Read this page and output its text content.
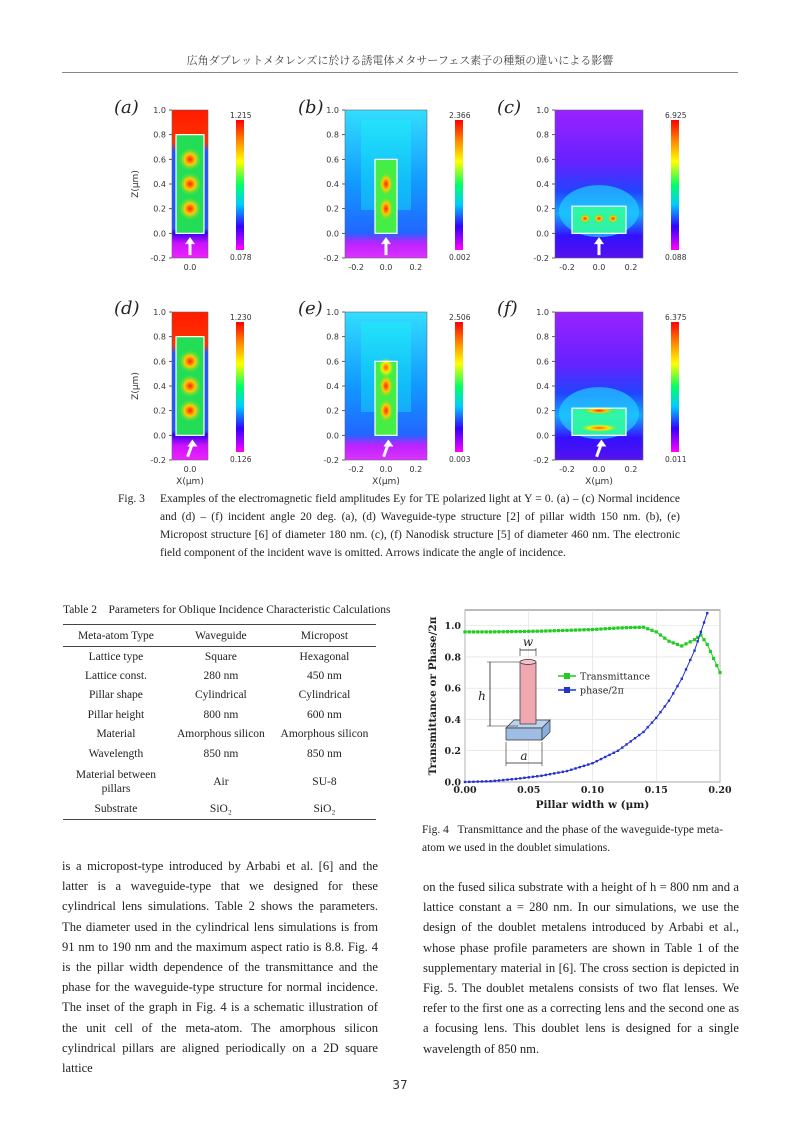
広角ダブレットメタレンズに於ける誘電体メタサーフェス素子の種類の違いによる影響
1.0
0.8
0.6
0.4
0.2
0.0
-0.2
0.0
1.215
0.078
1.0
0.8
0.6
0.4
0.2
0.0
-0.2
-0.2 0.0 0.2
2.366
0.002
1.0
0.8
0.6
0.4
0.2
0.0
-0.2
-0.2 0.0 0.2
6.925
0.088
Z(μm)
1.0
0.8
0.6
0.4
0.2
0.0
-0.2
0.0
X(μm)
1.230
0.126
1.0
0.8
0.6
0.4
0.2
0.0
-0.2
-0.2 0.0 0.2
X(μm)
2.506
0.003
1.0
0.8
0.6
0.4
0.2
0.0
-0.2
-0.2 0.0 0.2
X(μm)
6.375
0.011
Z(μm)
(a)	(b)	(c)
(d)	(e)	(f)
Fig. 3 Examples of the electromagnetic field amplitudes Ey for TE polarized light at Y = 0. (a) – (c) Normal incidence and (d) – (f) incident angle 20 deg. (a), (d) Waveguide-type structure [2] of pillar width 150 nm. (b), (e) Micropost structure [6] of diameter 180 nm. (c), (f) Nanodisk structure [5] of diameter 460 nm. The electronic field component of the incident wave is omitted. Arrows indicate the angle of incidence.
Table 2　Parameters for Oblique Incidence Characteristic Calculations
Meta-atom Type	Waveguide	Micropost
Lattice type	Square	Hexagonal
Lattice const.	280 nm	450 nm
Pillar shape	Cylindrical	Cylindrical
Pillar height	800 nm	600 nm
Material	Amorphous silicon	Amorphous silicon
Wavelength	850 nm	850 nm
Material between pillars	Air	SU-8
Substrate	SiO₂	SiO₂
0.0
0.2
0.4
0.6
0.8
1.0
0.00	0.05	0.10	0.15	0.20
Pillar width w (μm)
Transmittance or Phase/2π	Transmittance
phase/2π
w
h
a
Fig. 4 Transmittance and the phase of the waveguide-type meta-atom we used in the doublet simulations.
is a micropost-type introduced by Arbabi et al. [6] and the latter is a waveguide-type that we designed for these cylindrical lens simulations. Table 2 shows the parameters. The diameter used in the cylindrical lens simulations is from 91 nm to 190 nm and the maximum aspect ratio is 8.8. Fig. 4 is the pillar width dependence of the transmittance and the phase for the waveguide-type structure for normal incidence. The inset of the graph in Fig. 4 is a schematic illustration of the unit cell of the meta-atom. The amorphous silicon cylindrical pillars are aligned periodically on a 2D square lattice
on the fused silica substrate with a height of h = 800 nm and a lattice constant a = 280 nm. In our simulations, we use the design of the doublet metalens introduced by Arbabi et al., whose phase profile parameters are shown in Table 1 of the supplementary material in [6]. The cross section is depicted in Fig. 5. The doublet metalens consists of two flat lenses. We refer to the first one as a correcting lens and the second one as a focusing lens. This doublet lens is designed for a single wavelength of 850 nm.
37
